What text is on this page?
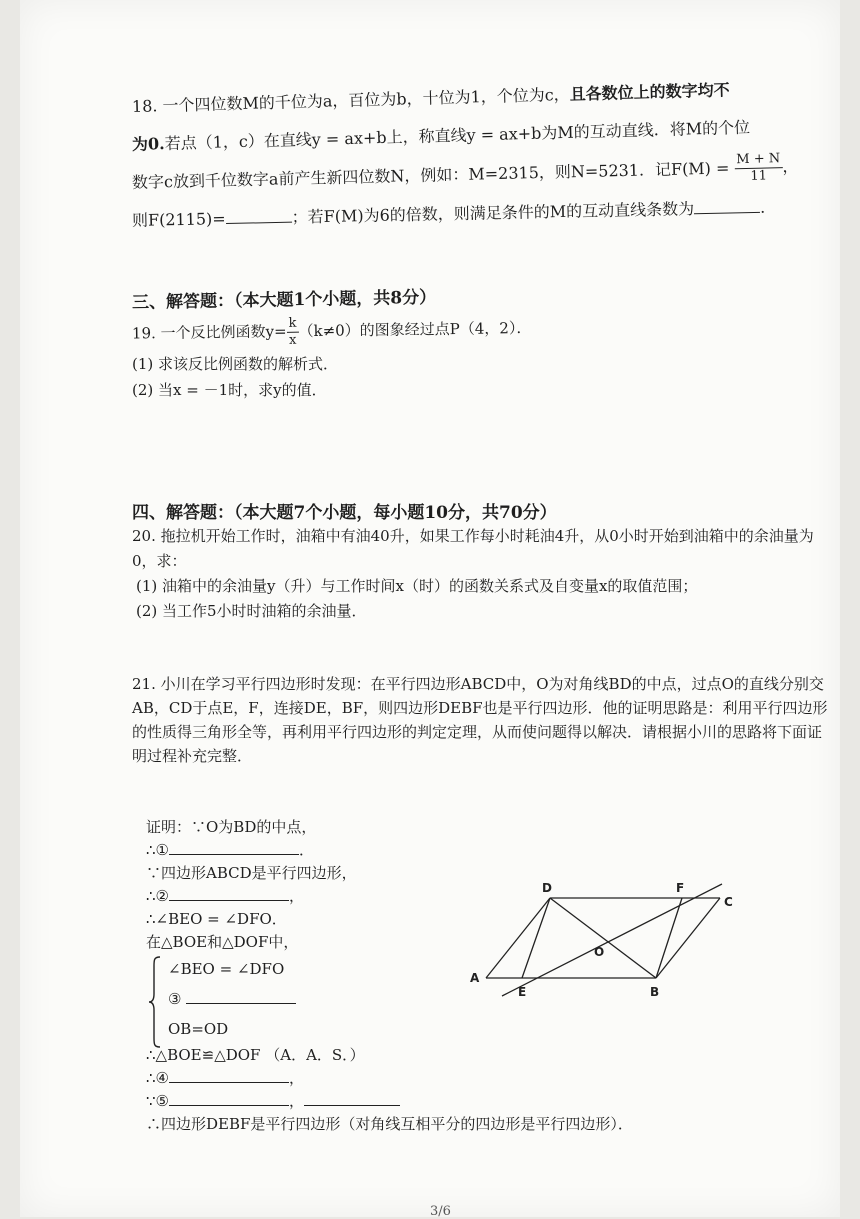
18. 一个四位数M的千位为a，百位为b，十位为1，个位为c，且各数位上的数字均不
为0.若点（1，c）在直线y = ax+b上，称直线y = ax+b为M的互动直线．将M的个位
数字c放到千位数字a前产生新四位数N，例如：M=2315，则N=5231．记$F(M) = \frac{M + N}{11}$ ，
则F(2115)=	；若F(M)为6的倍数，则满足条件的M的互动直线条数为	．
三、解答题：（本大题1个小题，共8分）
19. 一个反比例函数$y= \frac{k}{x} (k\ne 0)$的图象经过点P（4，2）．
(1) 求该反比例函数的解析式．
(2) 当x = －1时，求y的值．
四、解答题：（本大题7个小题，每小题10分，共70分）
20. 拖拉机开始工作时，油箱中有油40升，如果工作每小时耗油4升，从0小时开始到油箱中的余油量为0，求：
(1) 油箱中的余油量y（升）与工作时间x（时）的函数关系式及自变量x的取值范围；
(2) 当工作5小时时油箱的余油量．
21. 小川在学习平行四边形时发现：在平行四边形ABCD中，O为对角线BD的中点，过点O的直线分别交AB，CD于点E，F，连接DE，BF，则四边形DEBF也是平行四边形．他的证明思路是：利用平行四边形的性质得三角形全等，再利用平行四边形的判定定理，从而使问题得以解决．请根据小川的思路将下面证明过程补充完整．
证明：∵O为BD的中点，
∴①	．
∵四边形ABCD是平行四边形，
∴②	，
∴∠BEO = ∠DFO．
在△BOE和△DOF中，
∠BEO = ∠DFO
③
OB=OD
∴△BOE≌△DOF （A．A．S．）
∴④	，
∵⑤	，
∴四边形DEBF是平行四边形（对角线互相平分的四边形是平行四边形）．
A
B
C
D
E
F
O
3/6
